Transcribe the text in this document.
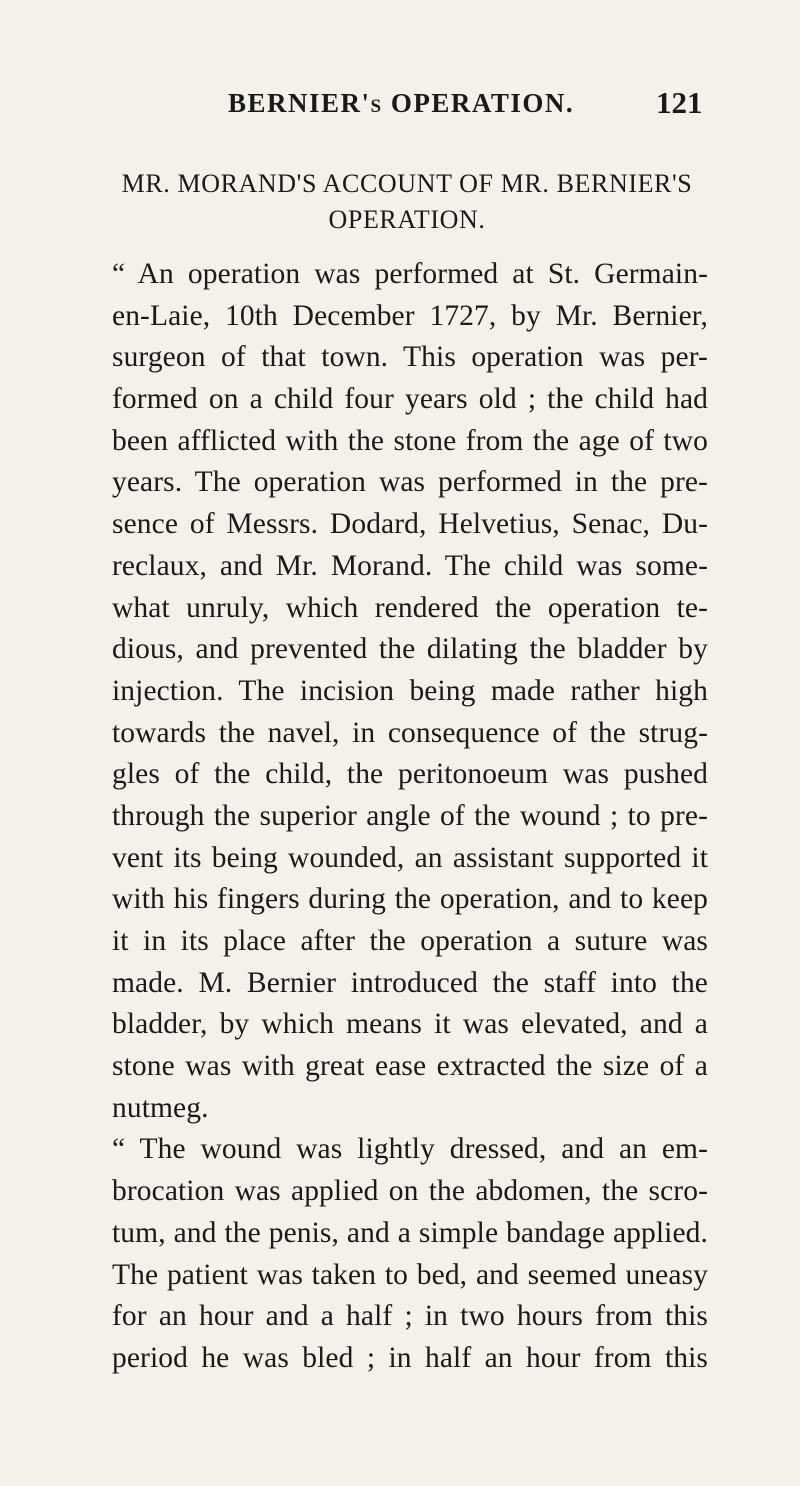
BERNIER's OPERATION.	121
MR. MORAND'S ACCOUNT OF MR. BERNIER'S
OPERATION.
“ An operation was performed at St. Germain-
en-Laie, 10th December 1727, by Mr. Bernier,
surgeon of that town. This operation was per-
formed on a child four years old ; the child had
been afflicted with the stone from the age of two
years. The operation was performed in the pre-
sence of Messrs. Dodard, Helvetius, Senac, Du-
reclaux, and Mr. Morand. The child was some-
what unruly, which rendered the operation te-
dious, and prevented the dilating the bladder by
injection. The incision being made rather high
towards the navel, in consequence of the strug-
gles of the child, the peritonoeum was pushed
through the superior angle of the wound ; to pre-
vent its being wounded, an assistant supported it
with his fingers during the operation, and to keep
it in its place after the operation a suture was
made. M. Bernier introduced the staff into the
bladder, by which means it was elevated, and a
stone was with great ease extracted the size of a
nutmeg.
“ The wound was lightly dressed, and an em-
brocation was applied on the abdomen, the scro-
tum, and the penis, and a simple bandage applied.
The patient was taken to bed, and seemed uneasy
for an hour and a half ; in two hours from this
period he was bled ; in half an hour from this
